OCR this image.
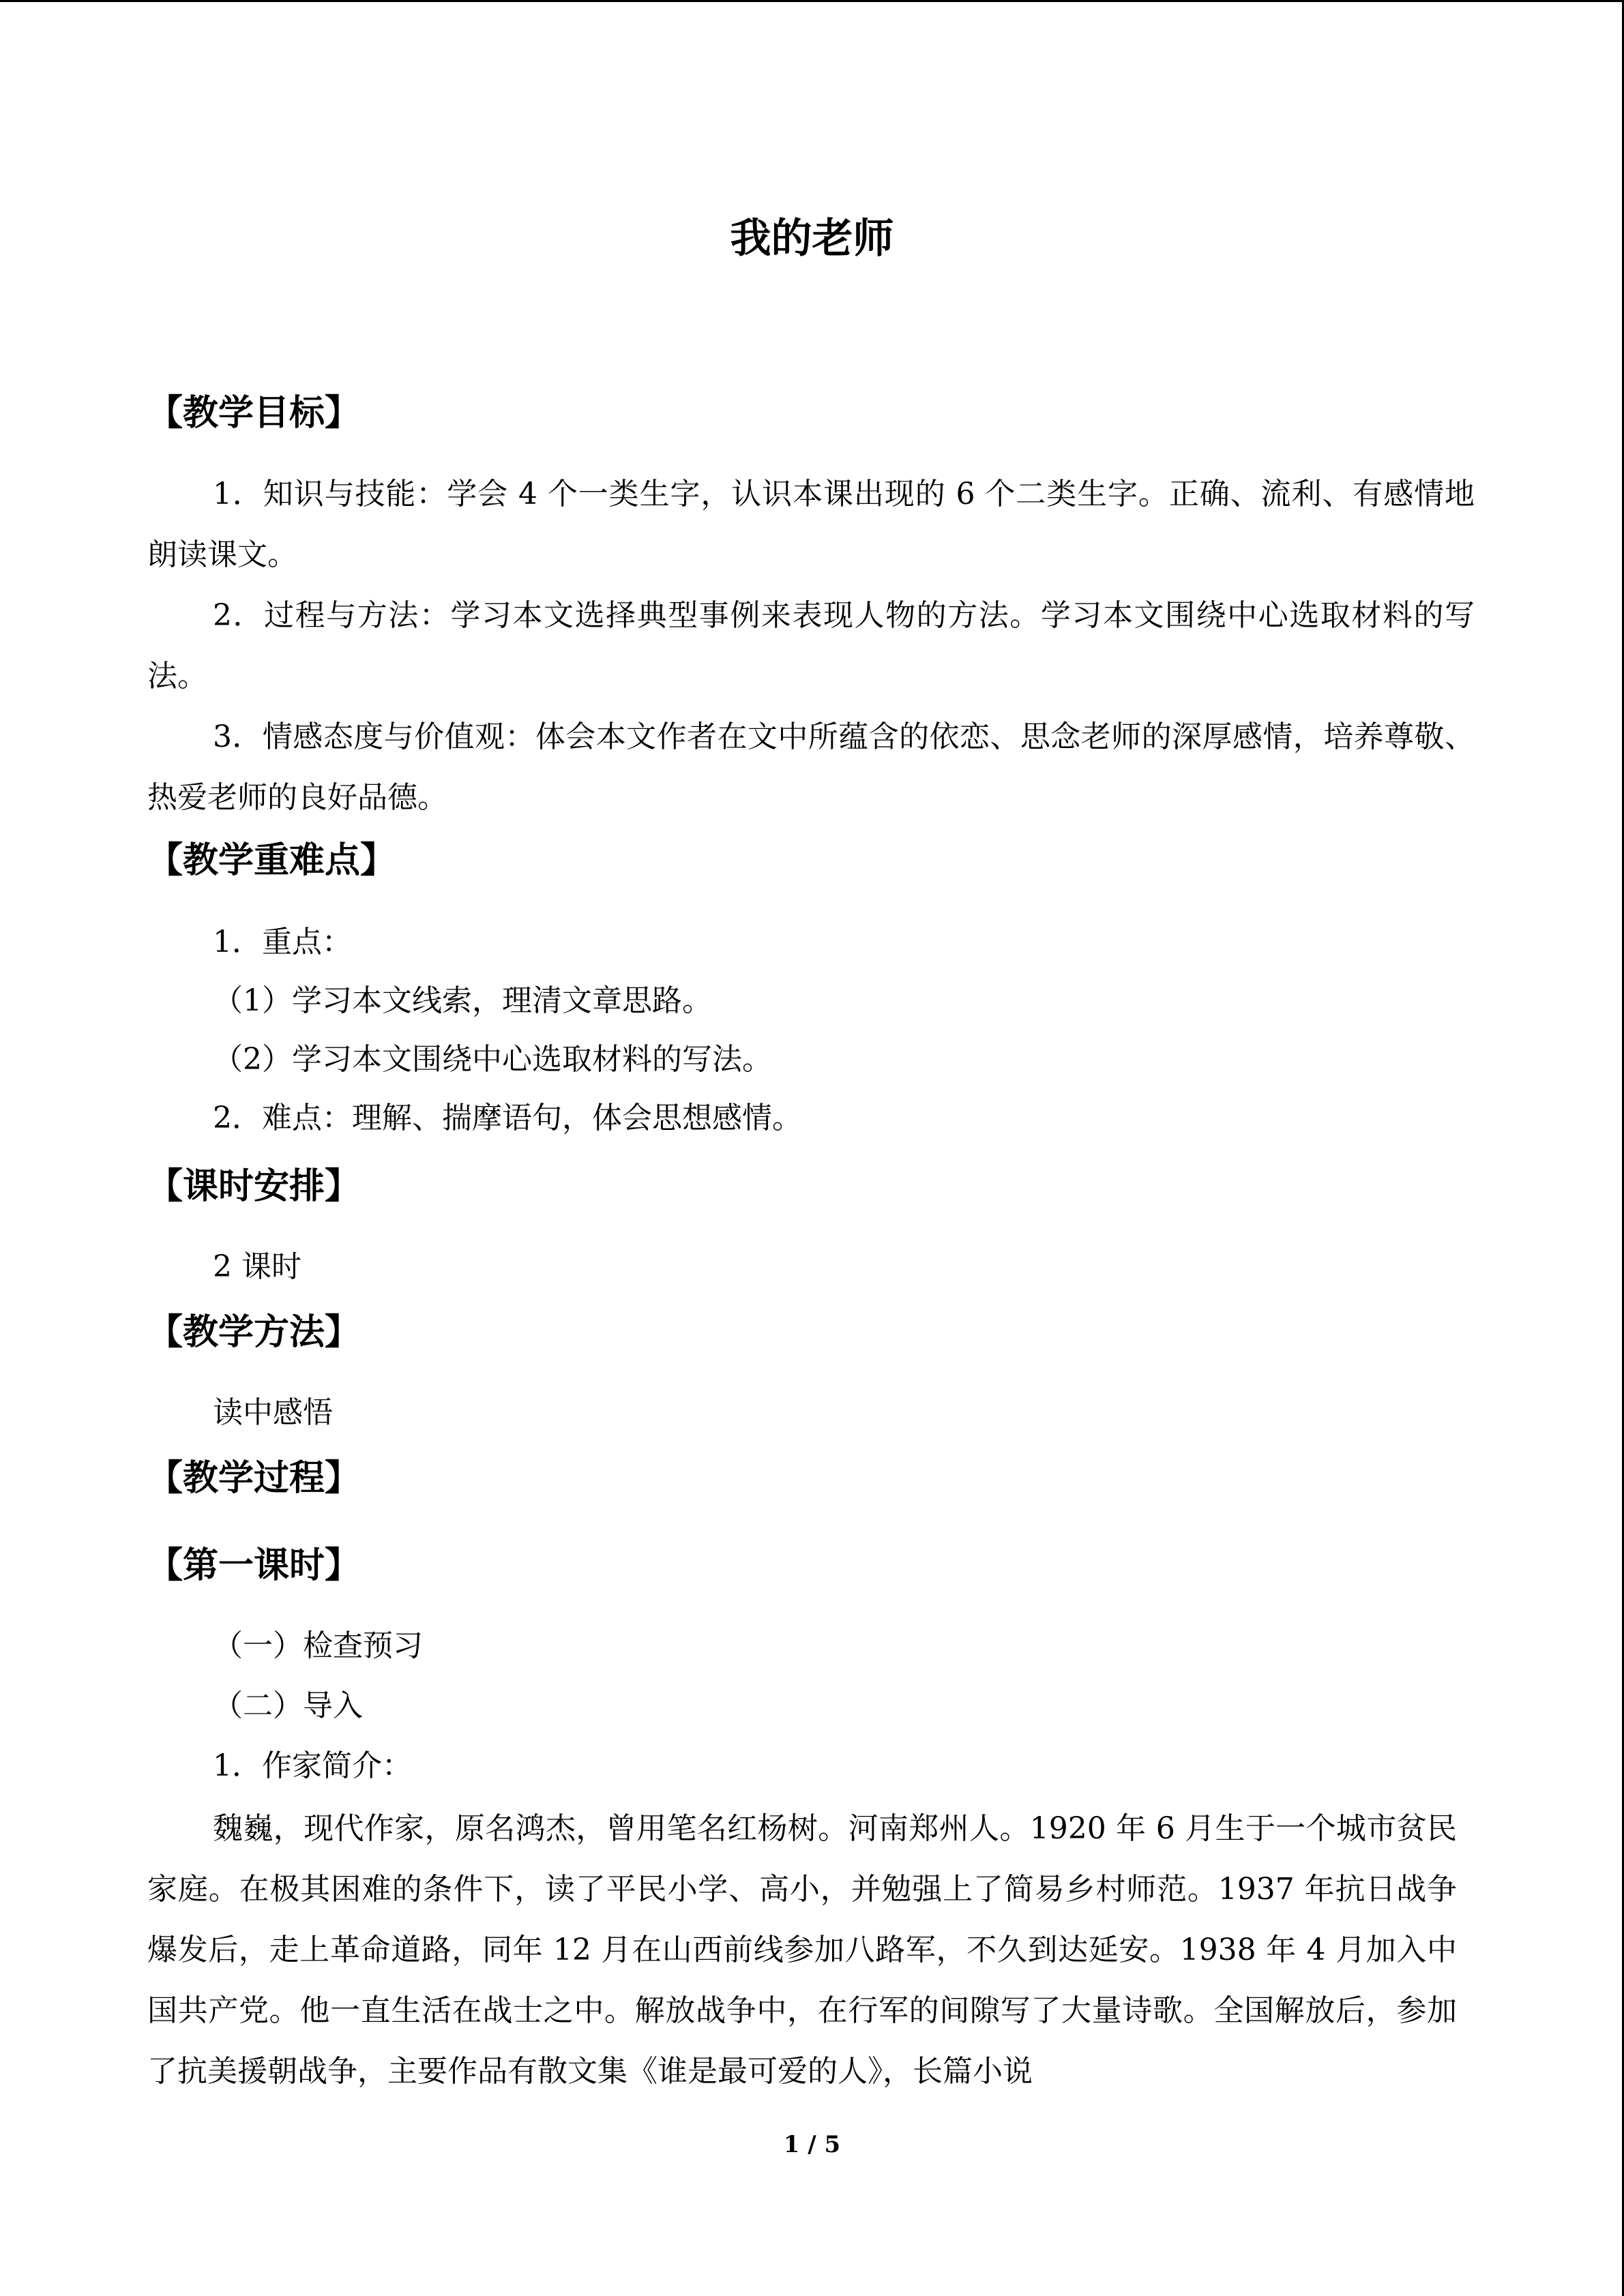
我的老师
【教学目标】
1．知识与技能：学会 4 个一类生字，认识本课出现的 6 个二类生字。正确、流利、有感情地朗读课文。
2．过程与方法：学习本文选择典型事例来表现人物的方法。学习本文围绕中心选取材料的写法。
3．情感态度与价值观：体会本文作者在文中所蕴含的依恋、思念老师的深厚感情，培养尊敬、热爱老师的良好品德。
【教学重难点】
1．重点：
（1）学习本文线索，理清文章思路。
（2）学习本文围绕中心选取材料的写法。
2．难点：理解、揣摩语句，体会思想感情。
【课时安排】
2 课时
【教学方法】
读中感悟
【教学过程】
【第一课时】
（一）检查预习
（二）导入
1．作家简介：
魏巍，现代作家，原名鸿杰，曾用笔名红杨树。河南郑州人。1920 年 6 月生于一个城市贫民家庭。在极其困难的条件下，读了平民小学、高小，并勉强上了简易乡村师范。1937 年抗日战争爆发后，走上革命道路，同年 12 月在山西前线参加八路军，不久到达延安。1938 年 4 月加入中国共产党。他一直生活在战士之中。解放战争中，在行军的间隙写了大量诗歌。全国解放后，参加了抗美援朝战争，主要作品有散文集《谁是最可爱的人》，长篇小说
1 / 5
